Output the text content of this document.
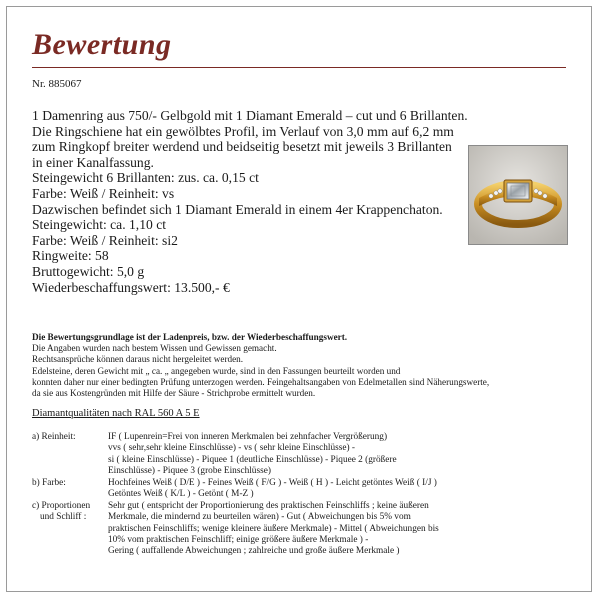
Bewertung
Nr. 885067
1 Damenring aus 750/- Gelbgold mit 1 Diamant Emerald – cut und 6 Brillanten.
Die Ringschiene hat ein gewölbtes Profil, im Verlauf von 3,0 mm auf 6,2 mm
zum Ringkopf breiter werdend und beidseitig besetzt mit jeweils 3 Brillanten
in einer Kanalfassung.
Steingewicht 6 Brillanten: zus. ca. 0,15 ct
Farbe: Weiß / Reinheit: vs
Dazwischen befindet sich 1 Diamant Emerald in einem 4er Krappenchaton.
Steingewicht: ca. 1,10 ct
Farbe: Weiß / Reinheit: si2
Ringweite: 58
Bruttogewicht: 5,0 g
Wiederbeschaffungswert: 13.500,- €
Die Bewertungsgrundlage ist der Ladenpreis, bzw. der Wiederbeschaffungswert.
Die Angaben wurden nach bestem Wissen und Gewissen gemacht.
Rechtsansprüche können daraus nicht hergeleitet werden.
Edelsteine, deren Gewicht mit „ ca. „ angegeben wurde, sind in den Fassungen beurteilt worden und
konnten daher nur einer bedingten Prüfung unterzogen werden. Feingehaltsangaben von Edelmetallen sind Näherungswerte,
da sie aus Kostengründen mit Hilfe der Säure - Strichprobe ermittelt wurden.
Diamantqualitäten nach RAL 560 A 5 E
a) Reinheit:	IF ( Lupenrein=Frei von inneren Merkmalen bei zehnfacher Vergrößerung)
vvs ( sehr,sehr kleine Einschlüsse) - vs ( sehr kleine Einschlüsse) -
si ( kleine Einschlüsse) - Piquee 1 (deutliche Einschlüsse) - Piquee 2 (größere
Einschlüsse) - Piquee 3 (grobe Einschlüsse)
b) Farbe:	Hochfeines Weiß ( D/E ) - Feines Weiß ( F/G ) - Weiß ( H ) - Leicht getöntes Weiß ( I/J )
Getöntes Weiß ( K/L ) - Getönt ( M-Z )
c) Proportionen
und Schliff :
Sehr gut ( entspricht der Proportionierung des praktischen Feinschliffs ; keine äußeren
Merkmale, die mindernd zu beurteilen wären) - Gut ( Abweichungen bis 5% vom
praktischen Feinschliffs; wenige kleinere äußere Merkmale) - Mittel ( Abweichungen bis
10% vom praktischen Feinschliff; einige größere äußere Merkmale ) -
Gering ( auffallende Abweichungen ; zahlreiche und große äußere Merkmale )
